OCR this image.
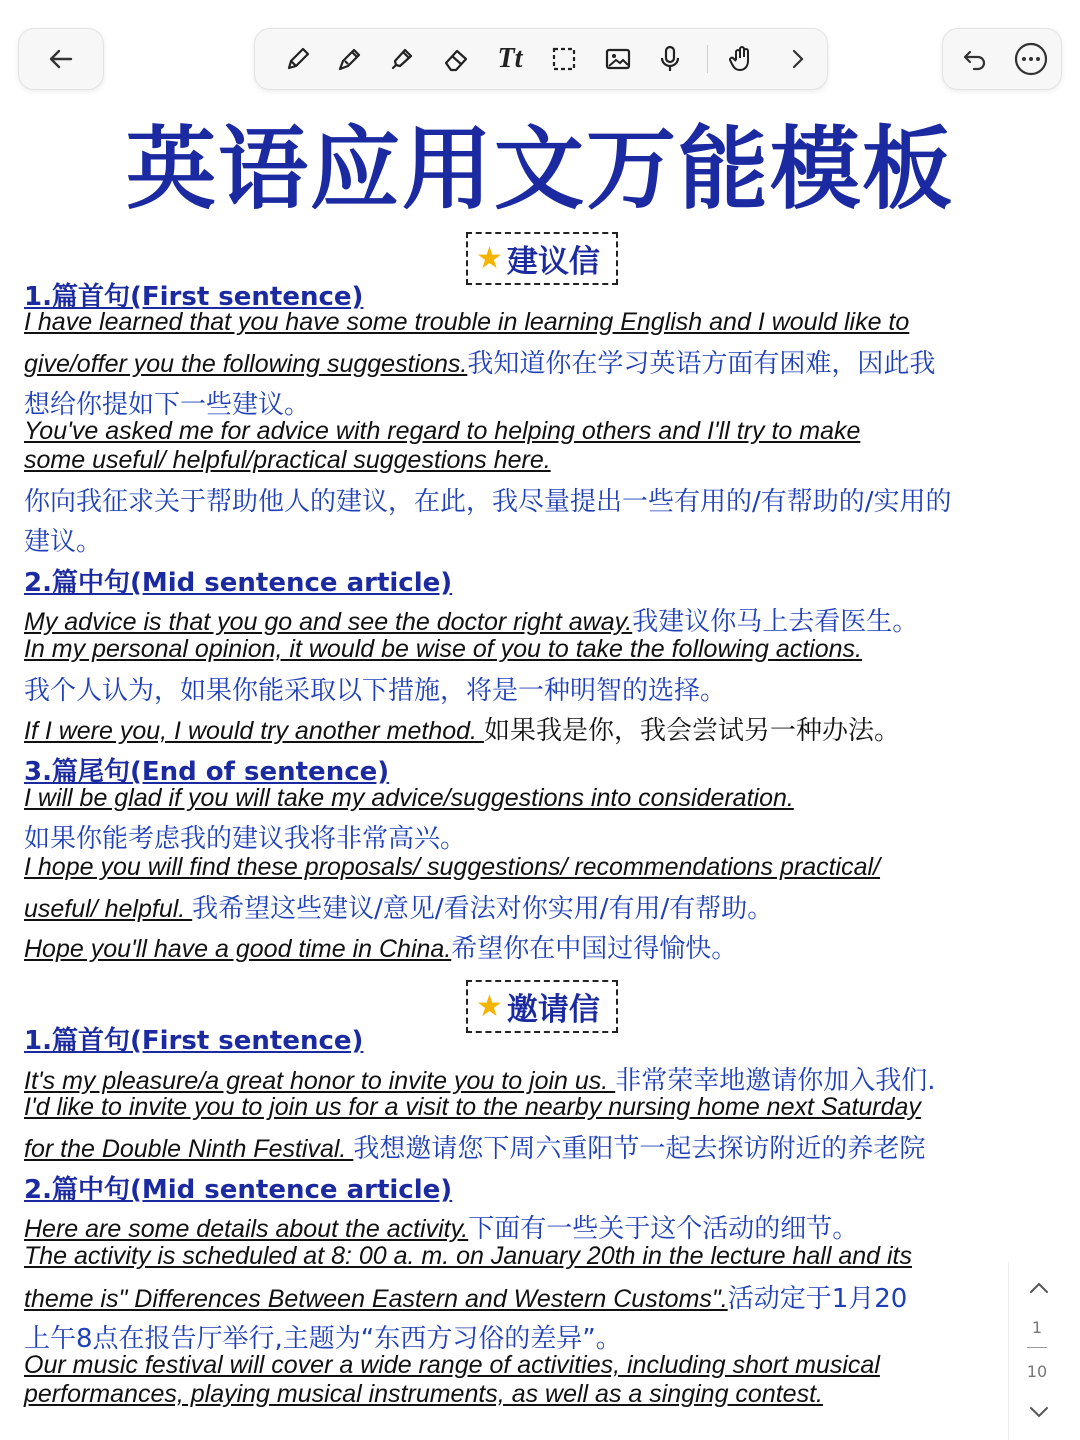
Tt
英语应用文万能模板
★ 建议信
1.篇首句(First sentence)
I have learned that you have some trouble in learning English and I would like to
give/offer you the following suggestions.我知道你在学习英语方面有困难，因此我
想给你提如下一些建议。
You've asked me for advice with regard to helping others and I'll try to make
some useful/ helpful/practical suggestions here.
你向我征求关于帮助他人的建议，在此，我尽量提出一些有用的/有帮助的/实用的
建议。
2.篇中句(Mid sentence article)
My advice is that you go and see the doctor right away.我建议你马上去看医生。
In my personal opinion, it would be wise of you to take the following actions.
我个人认为，如果你能采取以下措施，将是一种明智的选择。
If I were you, I would try another method. 如果我是你，我会尝试另一种办法。
3.篇尾句(End of sentence)
I will be glad if you will take my advice/suggestions into consideration.
如果你能考虑我的建议我将非常高兴。
I hope you will find these proposals/ suggestions/ recommendations practical/
useful/ helpful. 我希望这些建议/意见/看法对你实用/有用/有帮助。
Hope you'll have a good time in China.希望你在中国过得愉快。
★ 邀请信
1.篇首句(First sentence)
It's my pleasure/a great honor to invite you to join us. 非常荣幸地邀请你加入我们.
I'd like to invite you to join us for a visit to the nearby nursing home next Saturday
for the Double Ninth Festival. 我想邀请您下周六重阳节一起去探访附近的养老院
2.篇中句(Mid sentence article)
Here are some details about the activity.下面有一些关于这个活动的细节。
The activity is scheduled at 8: 00 a. m. on January 20th in the lecture hall and its
theme is" Differences Between Eastern and Western Customs".活动定于1月20
上午8点在报告厅举行,主题为“东西方习俗的差异”。
Our music festival will cover a wide range of activities, including short musical
performances, playing musical instruments, as well as a singing contest.
1
10
